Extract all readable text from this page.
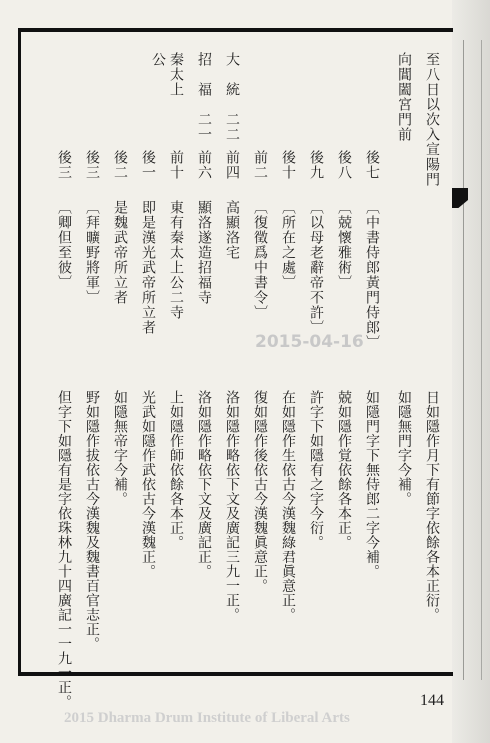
至八日以次入宣陽門
日如隱作月下有節字依餘各本正衍。
向閶闔宮門前
如隱無門字今補。
後七
〔中書侍郎黃門侍郎〕
如隱門字下無侍郎二字今補。
後八
〔兢懷雅術〕
兢如隱作覚依餘各本正。
後九
〔以母老辭帝不許〕
許字下如隱有之字今衍。
後十
〔所在之處〕
在如隱作生依古今漢魏綠君眞意正。
前二
〔復徵爲中書令〕
復如隱作後依古今漢魏眞意正。
前四
高顯洛宅
洛如隱作略依下文及廣記三九一正。
前六
顯洛遂造招福寺
洛如隱作略依下文及廣記正。
前十
東有秦太上公二寺
上如隱作師依餘各本正。
後一
即是漢光武帝所立者
光武如隱作武依古今漢魏正。
後二
是魏武帝所立者
如隱無帝字今補。
後三
〔拜曠野將軍〕
野如隱作拔依古今漢魏及魏書百官志正。
後三
〔卿但至彼〕
但字下如隱有是字依珠林九十四廣記一一九一正。
大　統　二二
招　福　二一
秦太上
公
2015-04-16
144
2015 Dharma Drum Institute of Liberal Arts
